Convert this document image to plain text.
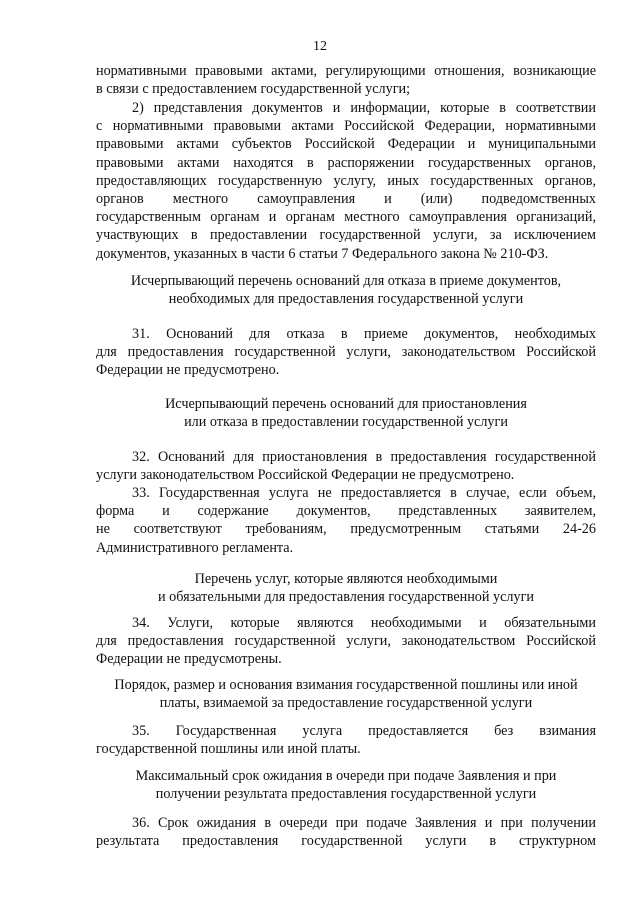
12
нормативными правовыми актами, регулирующими отношения, возникающие
в связи с предоставлением государственной услуги;
2) представления документов и информации, которые в соответствии
с нормативными правовыми актами Российской Федерации, нормативными
правовыми актами субъектов Российской Федерации и муниципальными
правовыми актами находятся в распоряжении государственных органов,
предоставляющих государственную услугу, иных государственных органов,
органов местного самоуправления и (или) подведомственных
государственным органам и органам местного самоуправления организаций,
участвующих в предоставлении государственной услуги, за исключением
документов, указанных в части 6 статьи 7 Федерального закона № 210-ФЗ.
Исчерпывающий перечень оснований для отказа в приеме документов,
необходимых для предоставления государственной услуги
31. Оснований для отказа в приеме документов, необходимых
для предоставления государственной услуги, законодательством Российской
Федерации не предусмотрено.
Исчерпывающий перечень оснований для приостановления
или отказа в предоставлении государственной услуги
32. Оснований для приостановления в предоставления государственной
услуги законодательством Российской Федерации не предусмотрено.
33. Государственная услуга не предоставляется в случае, если объем,
форма и содержание документов, представленных заявителем,
не соответствуют требованиям, предусмотренным статьями 24-26
Административного регламента.
Перечень услуг, которые являются необходимыми
и обязательными для предоставления государственной услуги
34. Услуги, которые являются необходимыми и обязательными
для предоставления государственной услуги, законодательством Российской
Федерации не предусмотрены.
Порядок, размер и основания взимания государственной пошлины или иной
платы, взимаемой за предоставление государственной услуги
35. Государственная услуга предоставляется без взимания
государственной пошлины или иной платы.
Максимальный срок ожидания в очереди при подаче Заявления и при
получении результата предоставления государственной услуги
36. Срок ожидания в очереди при подаче Заявления и при получении
результата предоставления государственной услуги в структурном
